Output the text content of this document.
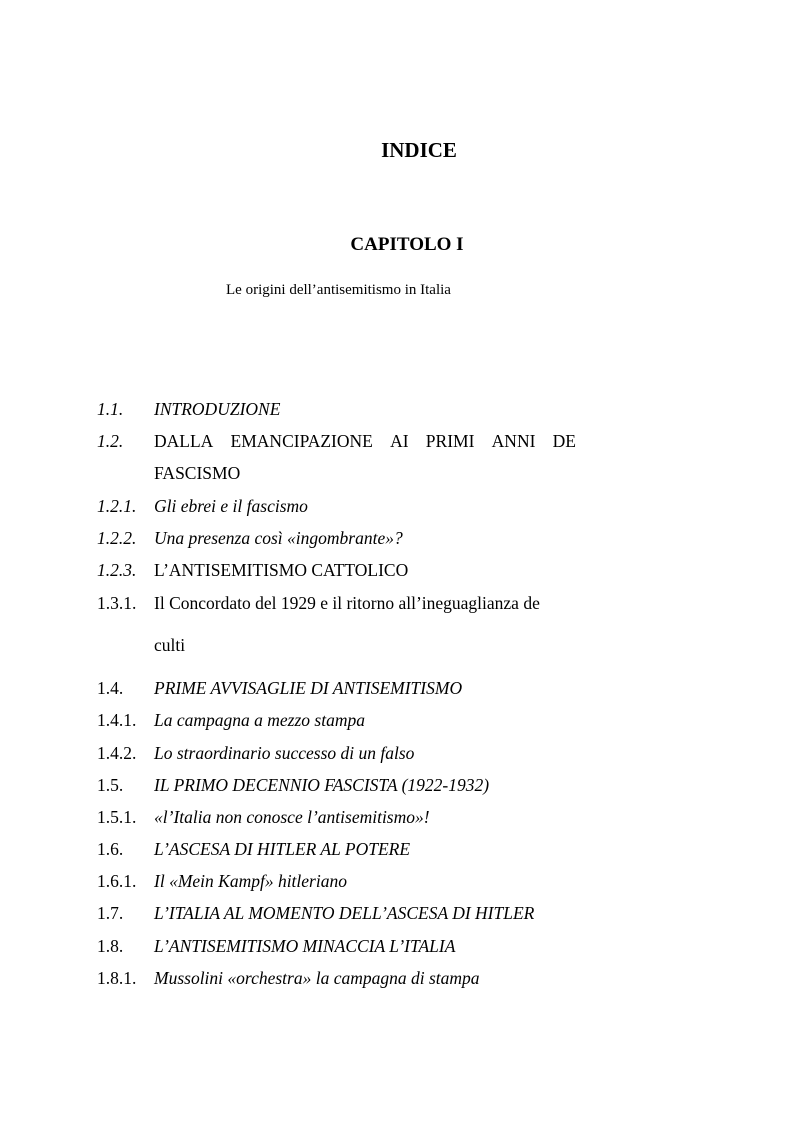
INDICE
CAPITOLO I
Le origini dell’antisemitismo in Italia
1.1. INTRODUZIONE
1.2. DALLA EMANCIPAZIONE AI PRIMI ANNI DE
FASCISMO
1.2.1. Gli ebrei e il fascismo
1.2.2. Una presenza così «ingombrante»?
1.2.3. L’ANTISEMITISMO CATTOLICO
1.3.1. Il Concordato del 1929 e il ritorno all’ineguaglianza de
culti
1.4. PRIME AVVISAGLIE DI ANTISEMITISMO
1.4.1. La campagna a mezzo stampa
1.4.2. Lo straordinario successo di un falso
1.5. IL PRIMO DECENNIO FASCISTA (1922-1932)
1.5.1. «l’Italia non conosce l’antisemitismo»!
1.6. L’ASCESA DI HITLER AL POTERE
1.6.1. Il «Mein Kampf» hitleriano
1.7. L’ITALIA AL MOMENTO DELL’ASCESA DI HITLER
1.8. L’ANTISEMITISMO MINACCIA L’ITALIA
1.8.1. Mussolini «orchestra» la campagna di stampa
